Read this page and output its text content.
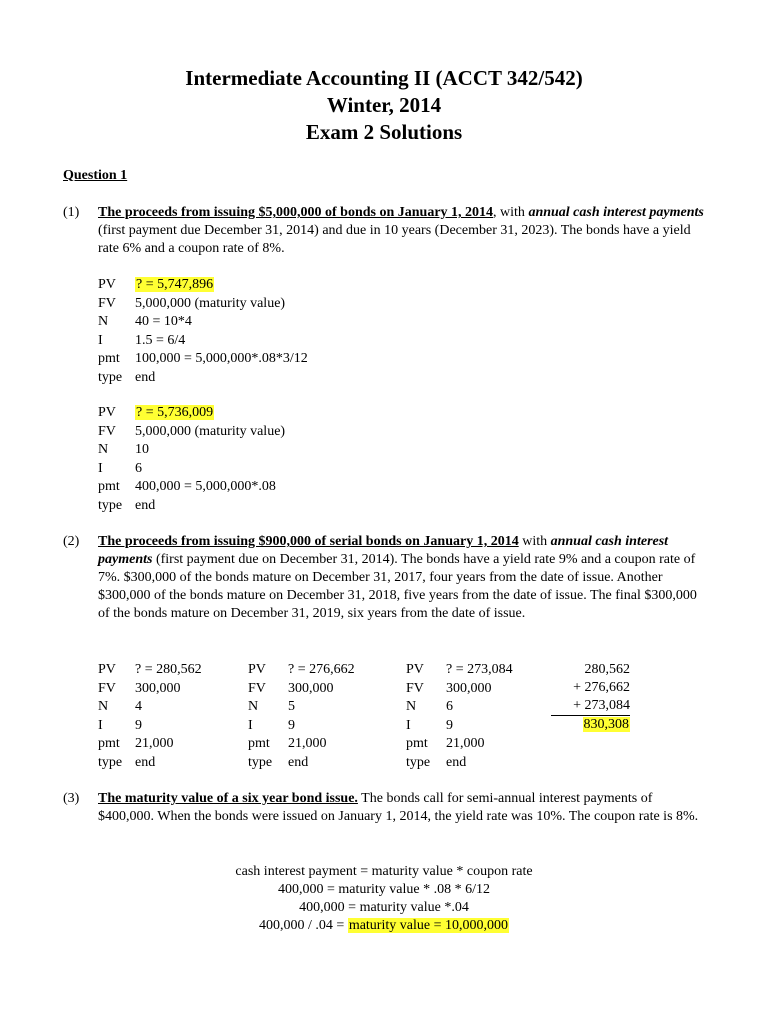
Intermediate Accounting II (ACCT 342/542)
Winter, 2014
Exam 2 Solutions
Question 1
(1) The proceeds from issuing $5,000,000 of bonds on January 1, 2014, with annual cash interest payments (first payment due December 31, 2014) and due in 10 years (December 31, 2023). The bonds have a yield rate 6% and a coupon rate of 8%.
PV ? = 5,747,896
FV 5,000,000 (maturity value)
N 40 = 10*4
I 1.5 = 6/4
pmt 100,000 = 5,000,000*.08*3/12
type end
PV ? = 5,736,009
FV 5,000,000 (maturity value)
N 10
I 6
pmt 400,000 = 5,000,000*.08
type end
(2) The proceeds from issuing $900,000 of serial bonds on January 1, 2014 with annual cash interest payments (first payment due on December 31, 2014). The bonds have a yield rate 9% and a coupon rate of 7%. $300,000 of the bonds mature on December 31, 2017, four years from the date of issue. Another $300,000 of the bonds mature on December 31, 2018, five years from the date of issue. The final $300,000 of the bonds mature on December 31, 2019, six years from the date of issue.
PV ? = 280,562
FV 300,000
N 4
I 9
pmt 21,000
type end
PV ? = 276,662
FV 300,000
N 5
I	9
pmt 21,000
type end
PV ? = 273,084
FV 300,000
N 6
I	9
pmt 21,000
type end
280,562
+ 276,662
+ 273,084
830,308
(3) The maturity value of a six year bond issue. The bonds call for semi-annual interest payments of $400,000. When the bonds were issued on January 1, 2014, the yield rate was 10%. The coupon rate is 8%.
cash interest payment = maturity value * coupon rate
400,000 = maturity value * .08 * 6/12
400,000 = maturity value *.04
400,000 / .04 = maturity value = 10,000,000
